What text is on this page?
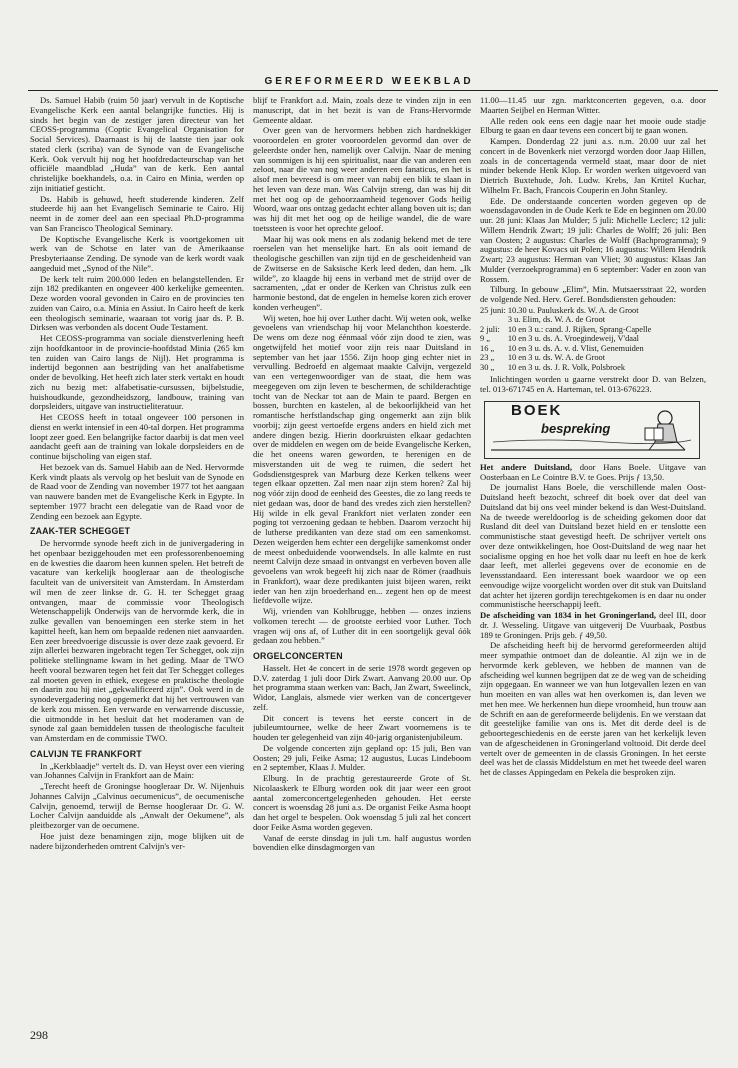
GEREFORMEERD WEEKBLAD

Ds. Samuel Habib (ruim 50 jaar) vervult in de Koptische Evangelische Kerk een aantal belangrijke functies. Hij is sinds het begin van de zestiger jaren directeur van het CEOSS-programma (Coptic Evangelical Organisation for Social Services). Daarnaast is hij de laatste tien jaar ook stated clerk (scriba) van de Synode van de Evangelische Kerk. Ook vervult hij nog het hoofdredacteurschap van het officiële maandblad „Huda” van de kerk. Een aantal christelijke boekhandels, o.a. in Cairo en Minia, werden op zijn initiatief gesticht.

Ds. Habib is gehuwd, heeft studerende kinderen. Zelf studeerde hij aan het Evangelisch Seminarie te Cairo. Hij neemt in de zomer deel aan een speciaal Ph.D-programma van San Francisco Theological Seminary.

De Koptische Evangelische Kerk is voortgekomen uit werk van de Schotse en later van de Amerikaanse Presbyteriaanse Zending. De synode van de kerk wordt vaak aangeduid met „Synod of the Nile”.

De kerk telt ruim 200.000 leden en belangstellenden. Er zijn 182 predikanten en ongeveer 400 kerkelijke gemeenten. Deze worden vooral gevonden in Cairo en de provincies ten zuiden van Cairo, o.a. Minia en Assiut. In Cairo heeft de kerk een theologisch seminarie, waaraan tot vorig jaar ds. P. B. Dirksen was verbonden als docent Oude Testament.

Het CEOSS-programma van sociale dienstverlening heeft zijn hoofdkantoor in de provincie-hoofdstad Minia (265 km ten zuiden van Cairo langs de Nijl). Het programma is indertijd begonnen aan bestrijding van het analfabetisme onder de bevolking. Het heeft zich later sterk vertakt en houdt zich nu bezig met: alfabetisatie-cursussen, bijbelstudie, huishoudkunde, gezondheidszorg, landbouw, training van dorpsleiders, uitgave van instructieliteratuur.

Het CEOSS heeft in totaal ongeveer 100 personen in dienst en werkt intensief in een 40-tal dorpen. Het programma loopt zeer goed. Een belangrijke factor daarbij is dat men veel aandacht geeft aan de training van lokale dorpsleiders en de continue bijscholing van eigen staf.

Het bezoek van ds. Samuel Habib aan de Ned. Hervormde Kerk vindt plaats als vervolg op het besluit van de Synode en de Raad voor de Zending van november 1977 tot het aangaan van nauwere banden met de Evangelische Kerk in Egypte. In september 1977 bracht een delegatie van de Raad voor de Zending een bezoek aan Egypte.

ZAAK-TER SCHEGGET

De hervormde synode heeft zich in de junivergadering in het openbaar beziggehouden met een professorenbenoeming en de kwesties die daarom heen kunnen spelen. Het betreft de vacature van kerkelijk hoogleraar aan de theologische faculteit van de universiteit van Amsterdam. In Amsterdam wil men de zeer linkse dr. G. H. ter Schegget graag ontvangen, maar de commissie voor Theologisch Wetenschappelijk Onderwijs van de hervormde kerk, die in zulke gevallen van benoemingen een sterke stem in het kapittel heeft, kan hem om bepaalde redenen niet aanvaarden. Een zeer breedvoerige discussie is over deze zaak gevoerd. Er zijn allerlei bezwaren ingebracht tegen Ter Schegget, ook zijn politieke stellingname kwam in het geding. Maar de TWO heeft vooral bezwaren tegen het feit dat Ter Schegget colleges zal moeten geven in ethiek, exegese en praktische theologie en daarin zou hij niet „gekwalificeerd zijn”. Ook werd in de synodevergadering nog opgemerkt dat hij het vertrouwen van de kerk zou missen. Een verwarde en verwarrende discussie, die uitmondde in het besluit dat het moderamen van de synode zal gaan bemiddelen tussen de theologische faculteit van Amsterdam en de commissie TWO.

CALVIJN TE FRANKFORT

In „Kerkblaadje” vertelt ds. D. van Heyst over een viering van Johannes Calvijn in Frankfort aan de Main:

„Terecht heeft de Groningse hoogleraar Dr. W. Nijenhuis Johannes Calvijn „Calvinus oecumenicus”, de oecumenische Calvijn, genoemd, terwijl de Bernse hoogleraar Dr. G. W. Locher Calvijn aanduidde als „Anwalt der Oekumene”, als pleitbezorger van de oecumene.

Hoe juist deze benamingen zijn, moge blijken uit de nadere bijzonderheden omtrent Calvijn's ver-

blijf te Frankfort a.d. Main, zoals deze te vinden zijn in een manuscript, dat in het bezit is van de Frans-Hervormde Gemeente aldaar.

Over geen van de hervormers hebben zich hardnekkiger vooroordelen en groter vooroordelen gevormd dan over de geleerdste onder hen, namelijk over Calvijn. Naar de mening van sommigen is hij een spiritualist, naar die van anderen een zeloot, naar die van nog weer anderen een fanaticus, en het is alsof men bevreesd is om meer van nabij een blik te slaan in het leven van deze man. Was Calvijn streng, dan was hij dit met het oog op de gehoorzaamheid tegenover Gods heilig Woord, waar ons ontzag gedacht echter allang boven uit is; dan was hij dit met het oog op de heilige wandel, die de ware toetssteen is voor het oprechte geloof.

Maar hij was ook mens en als zodanig bekend met de tere roerselen van het menselijke hart. En als ooit iemand de theologische geschillen van zijn tijd en de gescheidenheid van de Zwitserse en de Saksische Kerk leed deden, dan hem. „Ik wilde”, zo klaagde hij eens in verband met de strijd over de sacramenten, „dat er onder de Kerken van Christus zulk een harmonie bestond, dat de engelen in hemelse koren zich erover konden verheugen”.

Wij weten, hoe hij over Luther dacht. Wij weten ook, welke gevoelens van vriendschap hij voor Melanchthon koesterde. De wens om deze nog éénmaal vóór zijn dood te zien, was ongetwijfeld het motief voor zijn reis naar Duitsland in september van het jaar 1556. Zijn hoop ging echter niet in vervulling. Bedroefd en algemaat maakte Calvijn, vergezeld van een vertegenwoordiger van de staat, die hem was meegegeven om zijn leven te beschermen, de schilderachtige tocht van de Neckar tot aan de Main te paard. Bergen en bossen, burchten en kastelen, al de bekoorlijkheid van het romantische herfstlandschap ging ongemerkt aan zijn blik voorbij; zijn geest vertoefde ergens anders en hield zich met andere dingen bezig. Hierin doorkruisten elkaar gedachten over de middelen en wegen om de beide Evangelische Kerken, die het oneens waren geworden, te herenigen en de misverstanden uit de weg te ruimen, die sedert het Godsdienstgesprek van Marburg deze Kerken telkens weer tegen elkaar opzetten. Zal men naar zijn stem horen? Zal hij nog vóór zijn dood de eenheid des Geestes, die zo lang reeds te niet gedaan was, door de band des vredes zich zien herstellen? Hij wilde in elk geval Frankfort niet verlaten zonder een poging tot verzoening gedaan te hebben. Daarom verzocht hij de lutherse predikanten van deze stad om een samenkomst. Dezen weigerden hem echter een dergelijke samenkomst onder de meest onbeduidende voorwendsels. In alle kalmte en rust neemt Calvijn deze smaad in ontvangst en verbeven boven alle gevoelens van wrok begeeft hij zich naar de Römer (raadhuis in Frankfort), waar deze predikanten juist bijeen waren, reikt ieder van hen zijn broederhand en... zegent hen op de meest liefdevolle wijze.

Wij, vrienden van Kohlbrugge, hebben — onzes inziens volkomen terecht — de grootste eerbied voor Luther. Toch vragen wij ons af, of Luther dit in een soortgelijk geval óók gedaan zou hebben.”

ORGELCONCERTEN

Hasselt. Het 4e concert in de serie 1978 wordt gegeven op D.V. zaterdag 1 juli door Dirk Zwart. Aanvang 20.00 uur. Op het programma staan werken van: Bach, Jan Zwart, Sweelinck, Widor, Langlais, alsmede vier werken van de concertgever zelf.

Dit concert is tevens het eerste concert in de jubileumtournee, welke de heer Zwart voornemens is te houden ter gelegenheid van zijn 40-jarig organistenjubileum.

De volgende concerten zijn gepland op: 15 juli, Ben van Oosten; 29 juli, Feike Asma; 12 augustus, Lucas Lindeboom en 2 september, Klaas J. Mulder.

Elburg. In de prachtig gerestaureerde Grote of St. Nicolaaskerk te Elburg worden ook dit jaar weer een groot aantal zomerconcertgelegenheden gehouden. Het eerste concert is woensdag 28 juni a.s. De organist Feike Asma hoopt dan het orgel te bespelen. Ook woensdag 5 juli zal het concert door Feike Asma worden gegeven.

Vanaf de eerste dinsdag in juli t.m. half augustus worden bovendien elke dinsdagmorgen van

11.00—11.45 uur zgn. marktconcerten gegeven, o.a. door Maarten Seijbel en Herman Witter.

Alle reden ook eens een dagje naar het mooie oude stadje Elburg te gaan en daar tevens een concert bij te gaan wonen.

Kampen. Donderdag 22 juni a.s. n.m. 20.00 uur zal het concert in de Bovenkerk niet verzorgd worden door Jaap Hillen, zoals in de concertagenda vermeld staat, maar door de niet minder bekende Henk Klop. Er worden werken uitgevoerd van Dietrich Buxtehude, Joh. Ludw. Krebs, Jan Krtitel Kuchar, Wilhelm Fr. Bach, Francois Couperin en John Stanley.

Ede. De onderstaande concerten worden gegeven op de woensdagavonden in de Oude Kerk te Ede en beginnen om 20.00 uur. 28 juni: Klaas Jan Mulder; 5 juli: Michelle Leclerc; 12 juli: Willem Hendrik Zwart; 19 juli: Charles de Wolff; 26 juli: Ben van Oosten; 2 augustus: Charles de Wolff (Bachprogramma); 9 augustus: de heer Kovacs uit Polen; 16 augustus: Willem Hendrik Zwart; 23 augustus: Herman van Vliet; 30 augustus: Klaas Jan Mulder (verzoekprogramma) en 6 september: Vader en zoon van Rossem.

Tilburg. In gebouw „Elim”, Min. Mutsaersstraat 22, worden de volgende Ned. Herv. Geref. Bondsdiensten gehouden:

25 juni:	10.30 u. Pauluskerk ds. W. A. de Groot
	3 u. Elim, ds. W. A. de Groot
2 juli:	10 en 3 u.: cand. J. Rijken, Sprang-Capelle
9 „	10 en 3 u. ds. A. Vroegindeweij, V'daal
16 „	10 en 3 u. ds. A. v. d. Vlist, Genemuiden
23 „	10 en 3 u. ds. W. A. de Groot
30 „	10 en 3 u. ds. J. R. Volk, Polsbroek

Inlichtingen worden u gaarne verstrekt door D. van Belzen, tel. 013-671745 en A. Harteman, tel. 013-676223.

BOEK
bespreking

Het andere Duitsland, door Hans Boele. Uitgave van Oosterbaan en Le Cointre B.V. te Goes. Prijs ƒ 13,50.

De journalist Hans Boele, die verschillende malen Oost-Duitsland heeft bezocht, schreef dit boek over dat deel van Duitsland dat bij ons veel minder bekend is dan West-Duitsland. Na de tweede wereldoorlog is de scheiding gekomen door dat Rusland dit deel van Duitsland bezet hield en er tenslotte een communistische staat gevestigd heeft. De schrijver vertelt ons over deze ontwikkelingen, hoe Oost-Duitsland de weg naar het socialisme opging en hoe het volk daar nu leeft en hoe de kerk daar leeft, met allerlei gegevens over de economie en de levensstandaard. Een interessant boek waardoor we op een eenvoudige wijze voorgelicht worden over dit stuk van Duitsland dat achter het ijzeren gordijn terechtgekomen is en daar nu onder communistische heerschappij leeft.

De afscheiding van 1834 in het Groningerland, deel III, door dr. J. Wesseling. Uitgave van uitgeverij De Vuurbaak, Postbus 189 te Groningen. Prijs geb. ƒ 49,50.

De afscheiding heeft bij de hervormd gereformeerden altijd meer sympathie ontmoet dan de doleantie. Al zijn we in de hervormde kerk gebleven, we hebben de mannen van de afscheiding wel kunnen begrijpen dat ze de weg van de scheiding zijn opgegaan. En wanneer we van hun lotgevallen lezen en van hun moeiten en van alles wat hen overkomen is, dan leven we met hen mee. We herkennen hun diepe vroomheid, hun trouw aan de Schrift en aan de gereformeerde belijdenis. En we verstaan dat dit geestelijke familie van ons is. Met dit derde deel is de geboortegeschiedenis en de eerste jaren van het kerkelijk leven van de afgescheidenen in Groningerland voltooid. Dit derde deel vertelt over de gemeenten in de classis Groningen. In het eerste deel was het de classis Middelstum en met het tweede deel waren het de classes Appingedam en Pekela die besproken zijn.

298
